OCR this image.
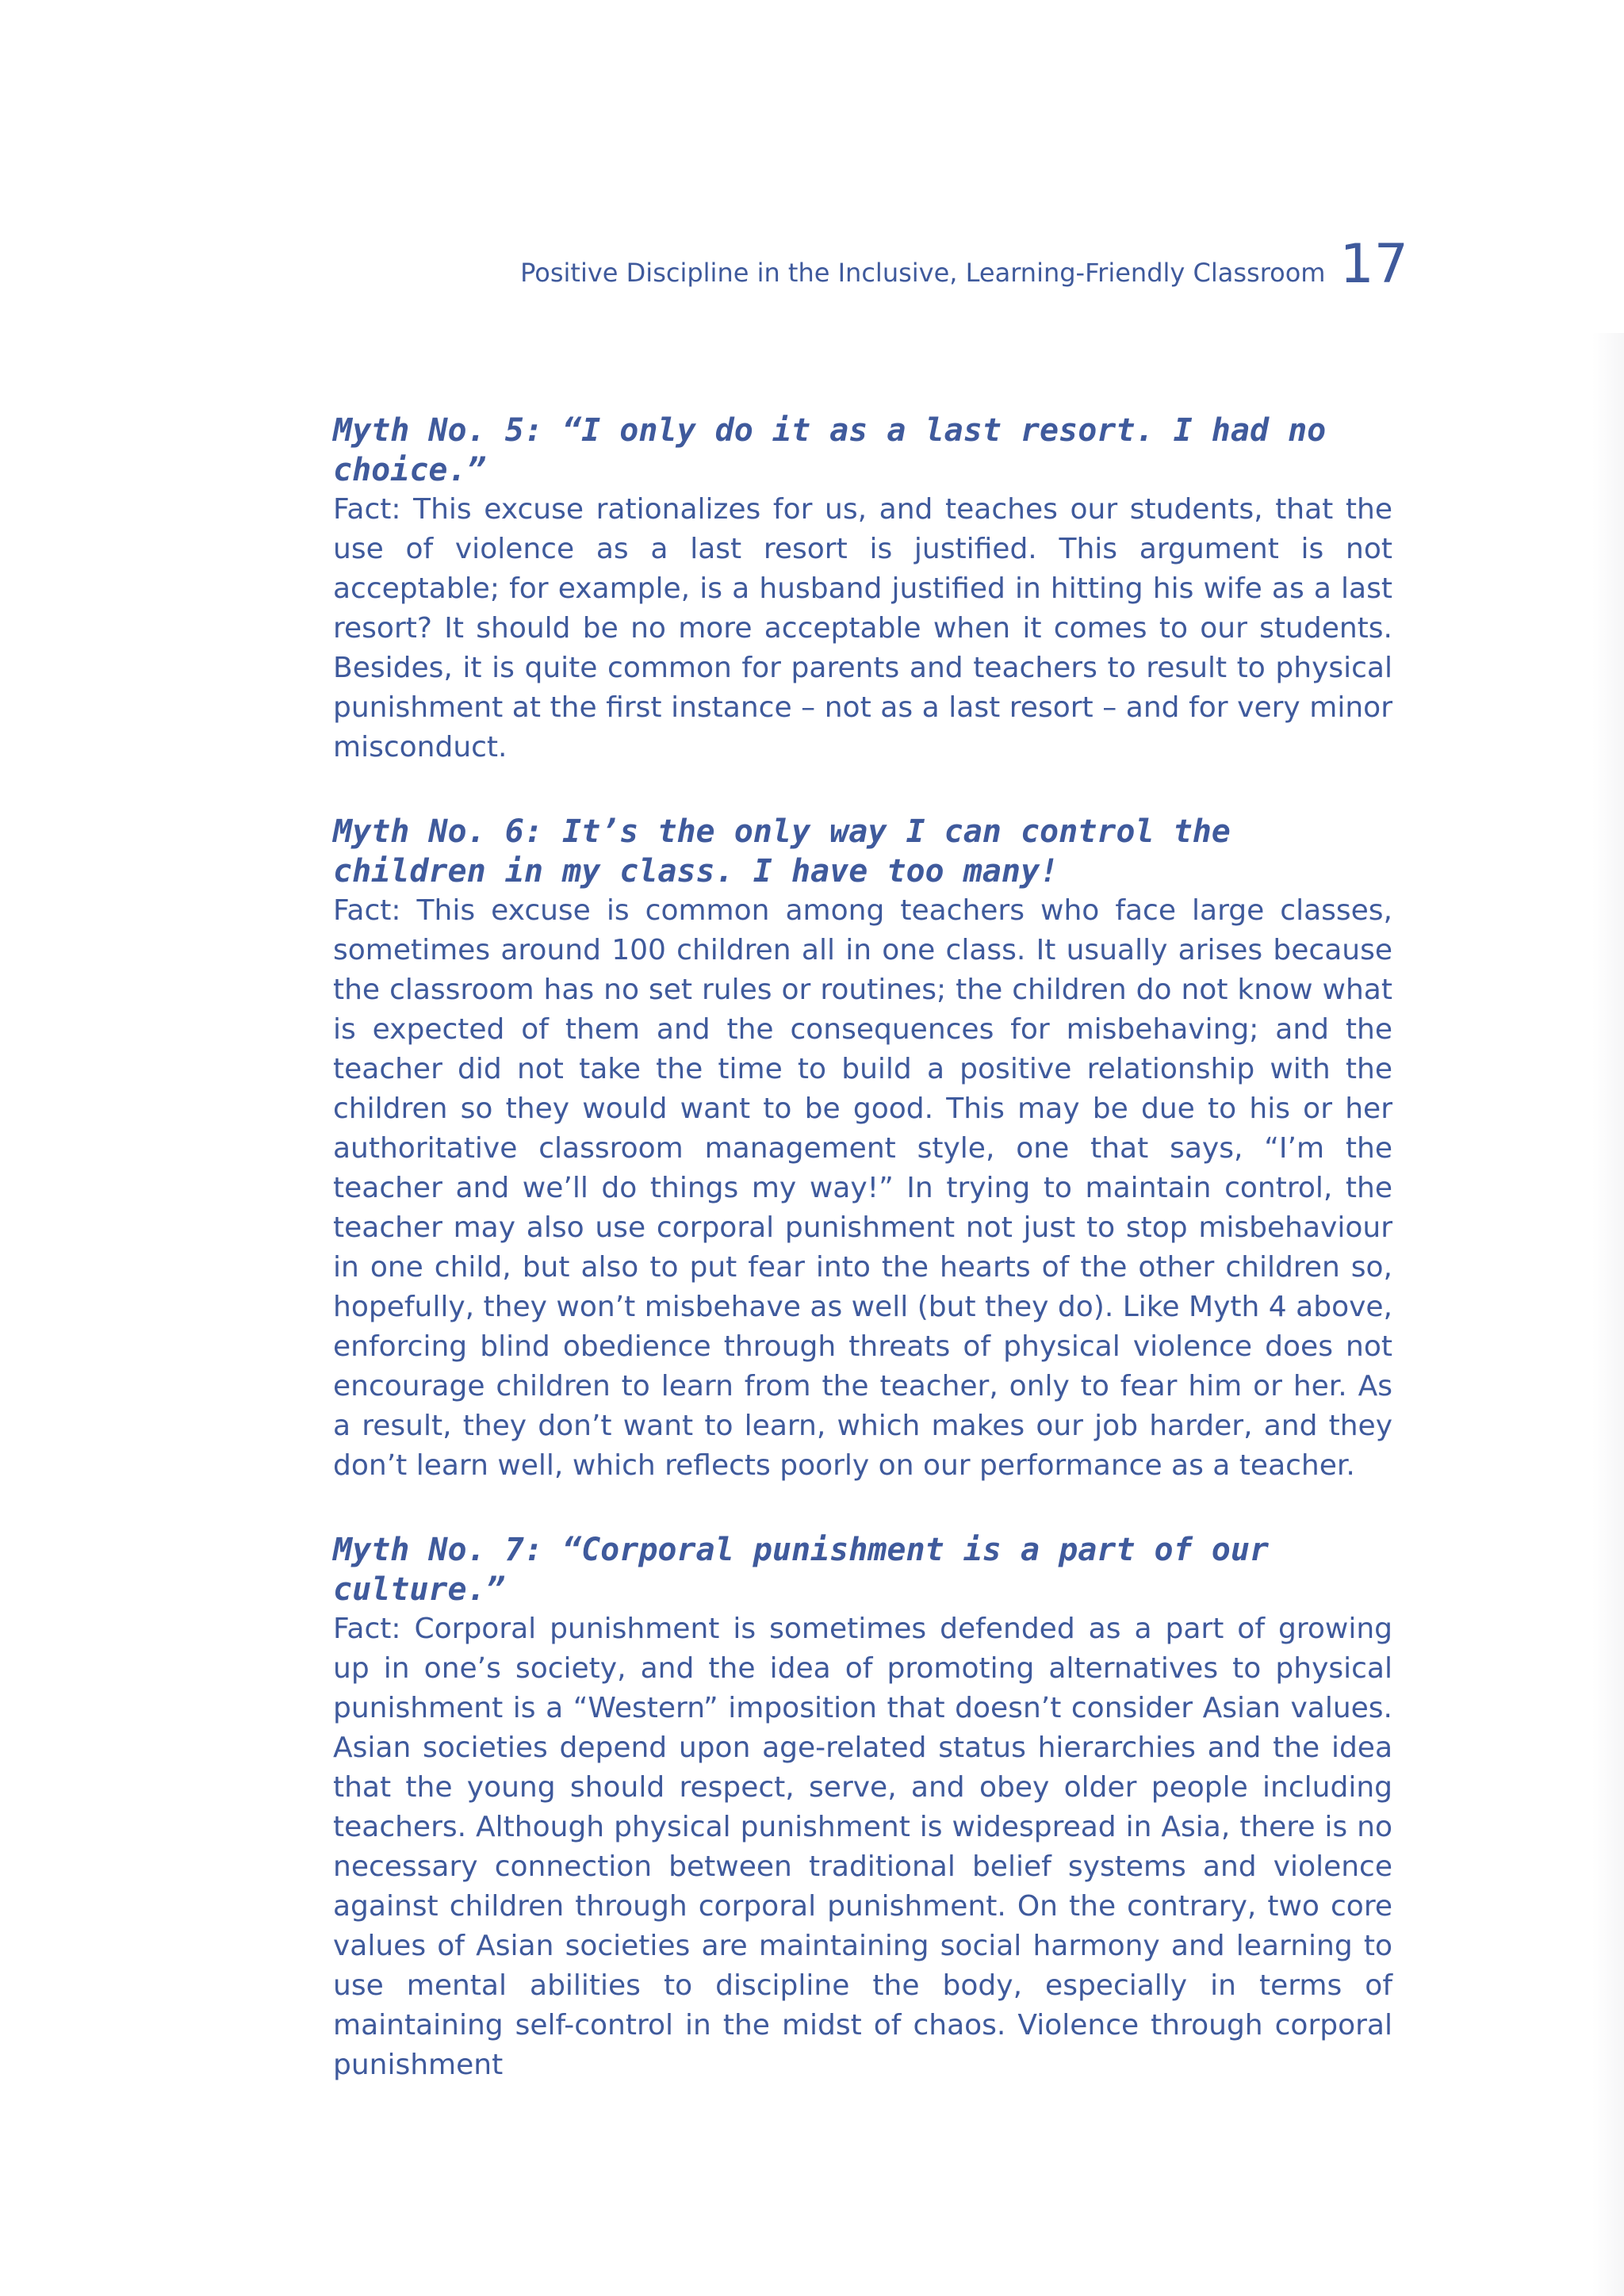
Positive Discipline in the Inclusive, Learning-Friendly Classroom 17
Myth No. 5: “I only do it as a last resort. I had no choice.”

Fact: This excuse rationalizes for us, and teaches our students, that the use of violence as a last resort is justified. This argument is not acceptable; for example, is a husband justified in hitting his wife as a last resort? It should be no more acceptable when it comes to our students. Besides, it is quite common for parents and teachers to result to physical punishment at the first instance – not as a last resort – and for very minor misconduct.

Myth No. 6: It’s the only way I can control the children in my class. I have too many!

Fact: This excuse is common among teachers who face large classes, sometimes around 100 children all in one class. It usually arises because the classroom has no set rules or routines; the children do not know what is expected of them and the consequences for misbehaving; and the teacher did not take the time to build a positive relationship with the children so they would want to be good. This may be due to his or her authoritative classroom management style, one that says, “I’m the teacher and we’ll do things my way!” In trying to maintain control, the teacher may also use corporal punishment not just to stop misbehaviour in one child, but also to put fear into the hearts of the other children so, hopefully, they won’t misbehave as well (but they do). Like Myth 4 above, enforcing blind obedience through threats of physical violence does not encourage children to learn from the teacher, only to fear him or her. As a result, they don’t want to learn, which makes our job harder, and they don’t learn well, which reflects poorly on our performance as a teacher.

Myth No. 7: “Corporal punishment is a part of our culture.”

Fact: Corporal punishment is sometimes defended as a part of growing up in one’s society, and the idea of promoting alternatives to physical punishment is a “Western” imposition that doesn’t consider Asian values. Asian societies depend upon age-related status hierarchies and the idea that the young should respect, serve, and obey older people including teachers. Although physical punishment is widespread in Asia, there is no necessary connection between traditional belief systems and violence against children through corporal punishment. On the contrary, two core values of Asian societies are maintaining social harmony and learning to use mental abilities to discipline the body, especially in terms of maintaining self-control in the midst of chaos. Violence through corporal punishment
